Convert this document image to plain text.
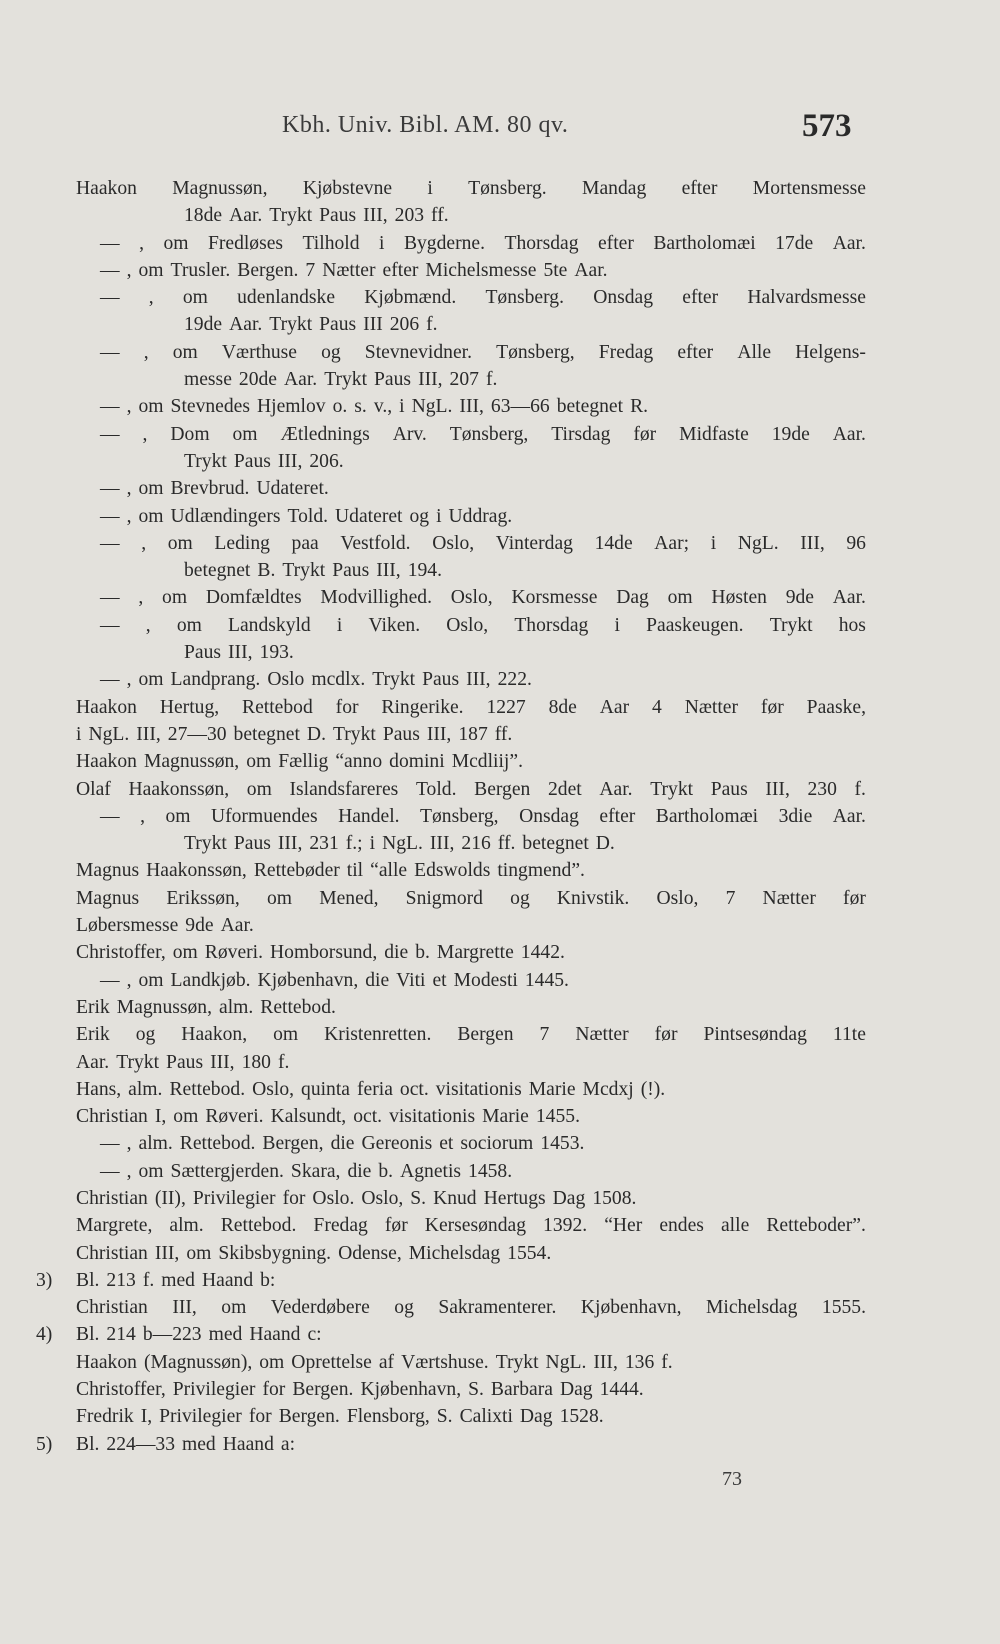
Kbh. Univ. Bibl. AM. 80 qv.	573
Haakon Magnussøn, Kjøbstevne i Tønsberg. Mandag efter Mortensmesse
18de Aar. Trykt Paus III, 203 ff.
— , om Fredløses Tilhold i Bygderne. Thorsdag efter Bartholomæi 17de Aar.
— , om Trusler. Bergen. 7 Nætter efter Michelsmesse 5te Aar.
— , om udenlandske Kjøbmænd. Tønsberg. Onsdag efter Halvardsmesse
19de Aar. Trykt Paus III 206 f.
— , om Værthuse og Stevnevidner. Tønsberg, Fredag efter Alle Helgens-
messe 20de Aar. Trykt Paus III, 207 f.
— , om Stevnedes Hjemlov o. s. v., i NgL. III, 63—66 betegnet R.
— , Dom om Ætlednings Arv. Tønsberg, Tirsdag før Midfaste 19de Aar.
Trykt Paus III, 206.
— , om Brevbrud. Udateret.
— , om Udlændingers Told. Udateret og i Uddrag.
— , om Leding paa Vestfold. Oslo, Vinterdag 14de Aar; i NgL. III, 96
betegnet B. Trykt Paus III, 194.
— , om Domfældtes Modvillighed. Oslo, Korsmesse Dag om Høsten 9de Aar.
— , om Landskyld i Viken. Oslo, Thorsdag i Paaskeugen. Trykt hos
Paus III, 193.
— , om Landprang. Oslo mcdlx. Trykt Paus III, 222.
Haakon Hertug, Rettebod for Ringerike. 1227 8de Aar 4 Nætter før Paaske,
i NgL. III, 27—30 betegnet D. Trykt Paus III, 187 ff.
Haakon Magnussøn, om Fællig “anno domini Mcdliij”.
Olaf Haakonssøn, om Islandsfareres Told. Bergen 2det Aar. Trykt Paus III, 230 f.
— , om Uformuendes Handel. Tønsberg, Onsdag efter Bartholomæi 3die Aar.
Trykt Paus III, 231 f.; i NgL. III, 216 ff. betegnet D.
Magnus Haakonssøn, Rettebøder til “alle Edswolds tingmend”.
Magnus Erikssøn, om Mened, Snigmord og Knivstik. Oslo, 7 Nætter før
Løbersmesse 9de Aar.
Christoffer, om Røveri. Homborsund, die b. Margrette 1442.
— , om Landkjøb. Kjøbenhavn, die Viti et Modesti 1445.
Erik Magnussøn, alm. Rettebod.
Erik og Haakon, om Kristenretten. Bergen 7 Nætter før Pintsesøndag 11te
Aar. Trykt Paus III, 180 f.
Hans, alm. Rettebod. Oslo, quinta feria oct. visitationis Marie Mcdxj (!).
Christian I, om Røveri. Kalsundt, oct. visitationis Marie 1455.
— , alm. Rettebod. Bergen, die Gereonis et sociorum 1453.
— , om Sættergjerden. Skara, die b. Agnetis 1458.
Christian (II), Privilegier for Oslo. Oslo, S. Knud Hertugs Dag 1508.
Margrete, alm. Rettebod. Fredag før Kersesøndag 1392. “Her endes alle Retteboder”.
Christian III, om Skibsbygning. Odense, Michelsdag 1554.
3) Bl. 213 f. med Haand b:
Christian III, om Vederdøbere og Sakramenterer. Kjøbenhavn, Michelsdag 1555.
4) Bl. 214 b—223 med Haand c:
Haakon (Magnussøn), om Oprettelse af Værtshuse. Trykt NgL. III, 136 f.
Christoffer, Privilegier for Bergen. Kjøbenhavn, S. Barbara Dag 1444.
Fredrik I, Privilegier for Bergen. Flensborg, S. Calixti Dag 1528.
5) Bl. 224—33 med Haand a:
73
